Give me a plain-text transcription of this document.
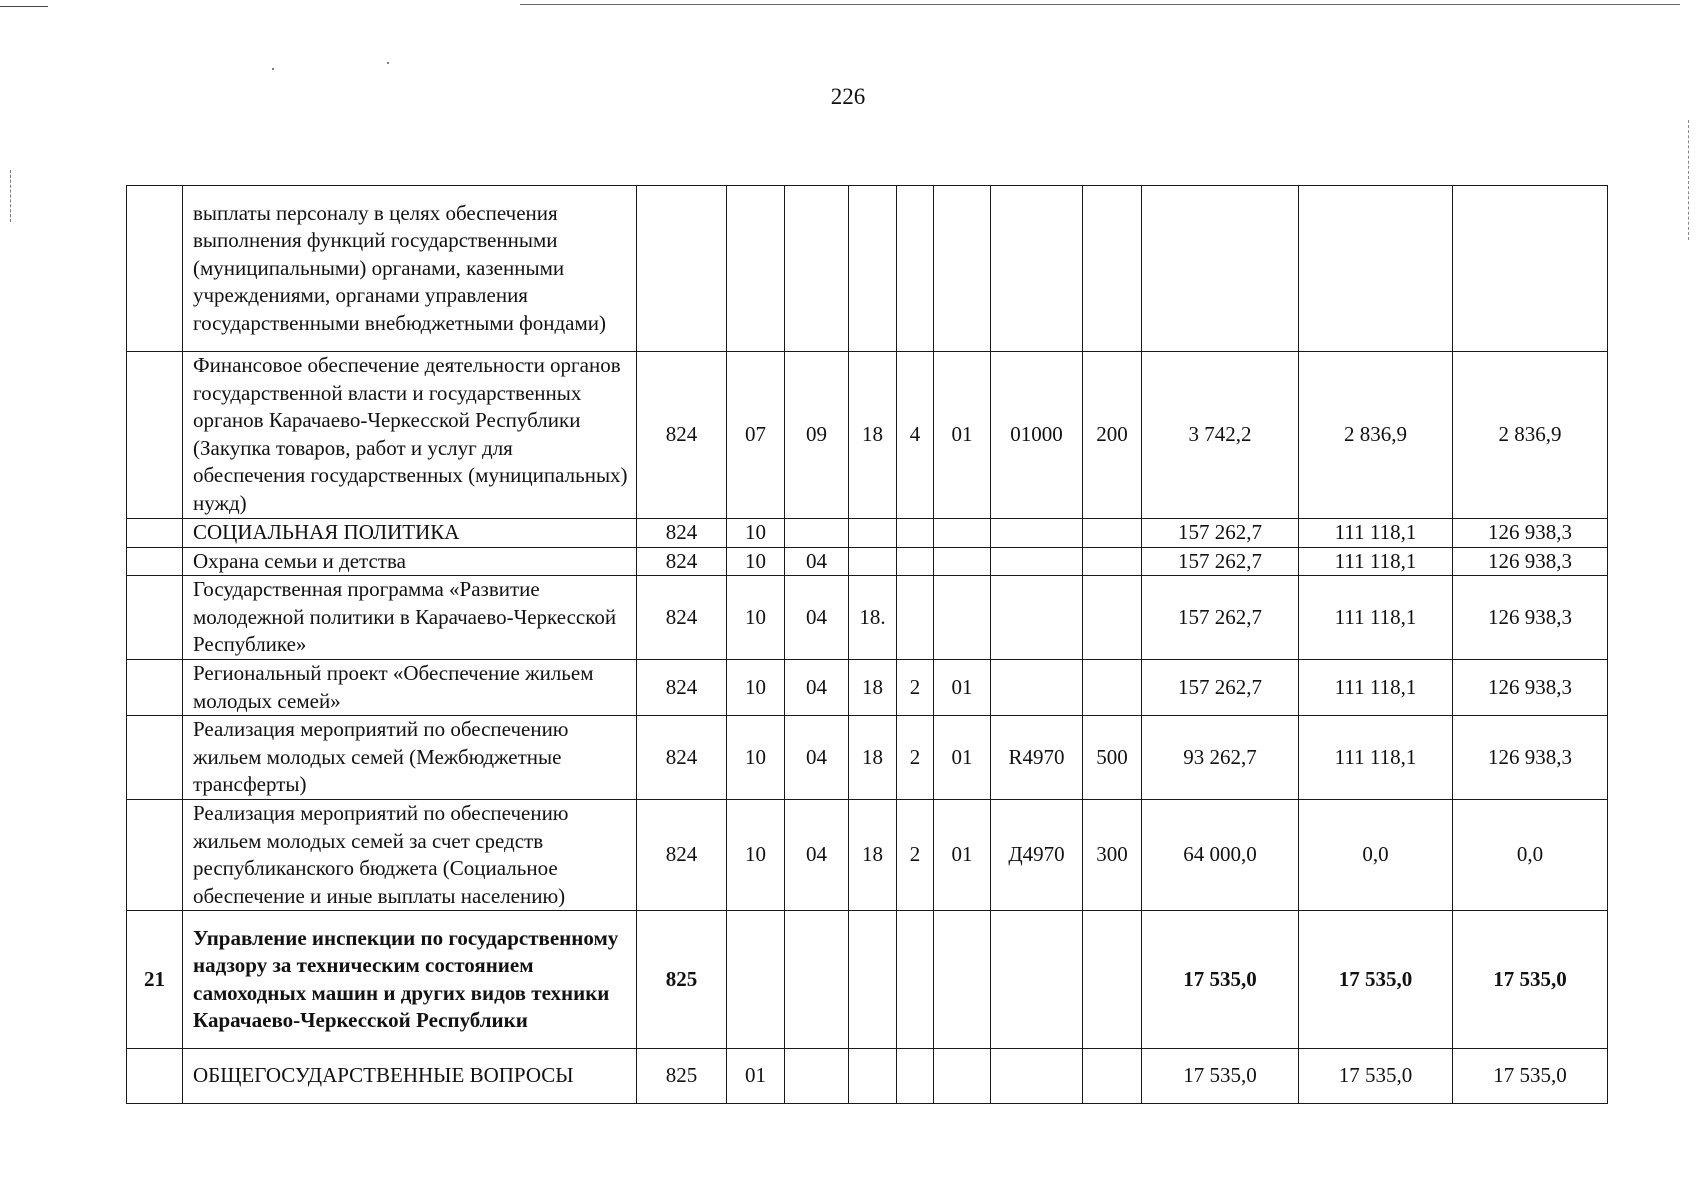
226
	выплаты персоналу в целях обеспечения выполнения функций государственными (муниципальными) органами, казенными учреждениями, органами управления государственными внебюджетными фондами)											
	Финансовое обеспечение деятельности органов государственной власти и государственных органов Карачаево-Черкесской Республики (Закупка товаров, работ и услуг для обеспечения государственных (муниципальных) нужд)	824	07	09	18	4	01	01000	200	3 742,2	2 836,9	2 836,9
	СОЦИАЛЬНАЯ ПОЛИТИКА	824	10							157 262,7	111 118,1	126 938,3
	Охрана семьи и детства	824	10	04						157 262,7	111 118,1	126 938,3
	Государственная программа «Развитие молодежной политики в Карачаево-Черкесской Республике»	824	10	04	18.					157 262,7	111 118,1	126 938,3
	Региональный проект «Обеспечение жильем молодых семей»	824	10	04	18	2	01			157 262,7	111 118,1	126 938,3
	Реализация мероприятий по обеспечению жильем молодых семей (Межбюджетные трансферты)	824	10	04	18	2	01	R4970	500	93 262,7	111 118,1	126 938,3
	Реализация мероприятий по обеспечению жильем молодых семей за счет средств республиканского бюджета (Социальное обеспечение и иные выплаты населению)	824	10	04	18	2	01	Д4970	300	64 000,0	0,0	0,0
21	Управление инспекции по государственному надзору за техническим состоянием самоходных машин и других видов техники Карачаево-Черкесской Республики	825								17 535,0	17 535,0	17 535,0
	ОБЩЕГОСУДАРСТВЕННЫЕ ВОПРОСЫ	825	01							17 535,0	17 535,0	17 535,0
